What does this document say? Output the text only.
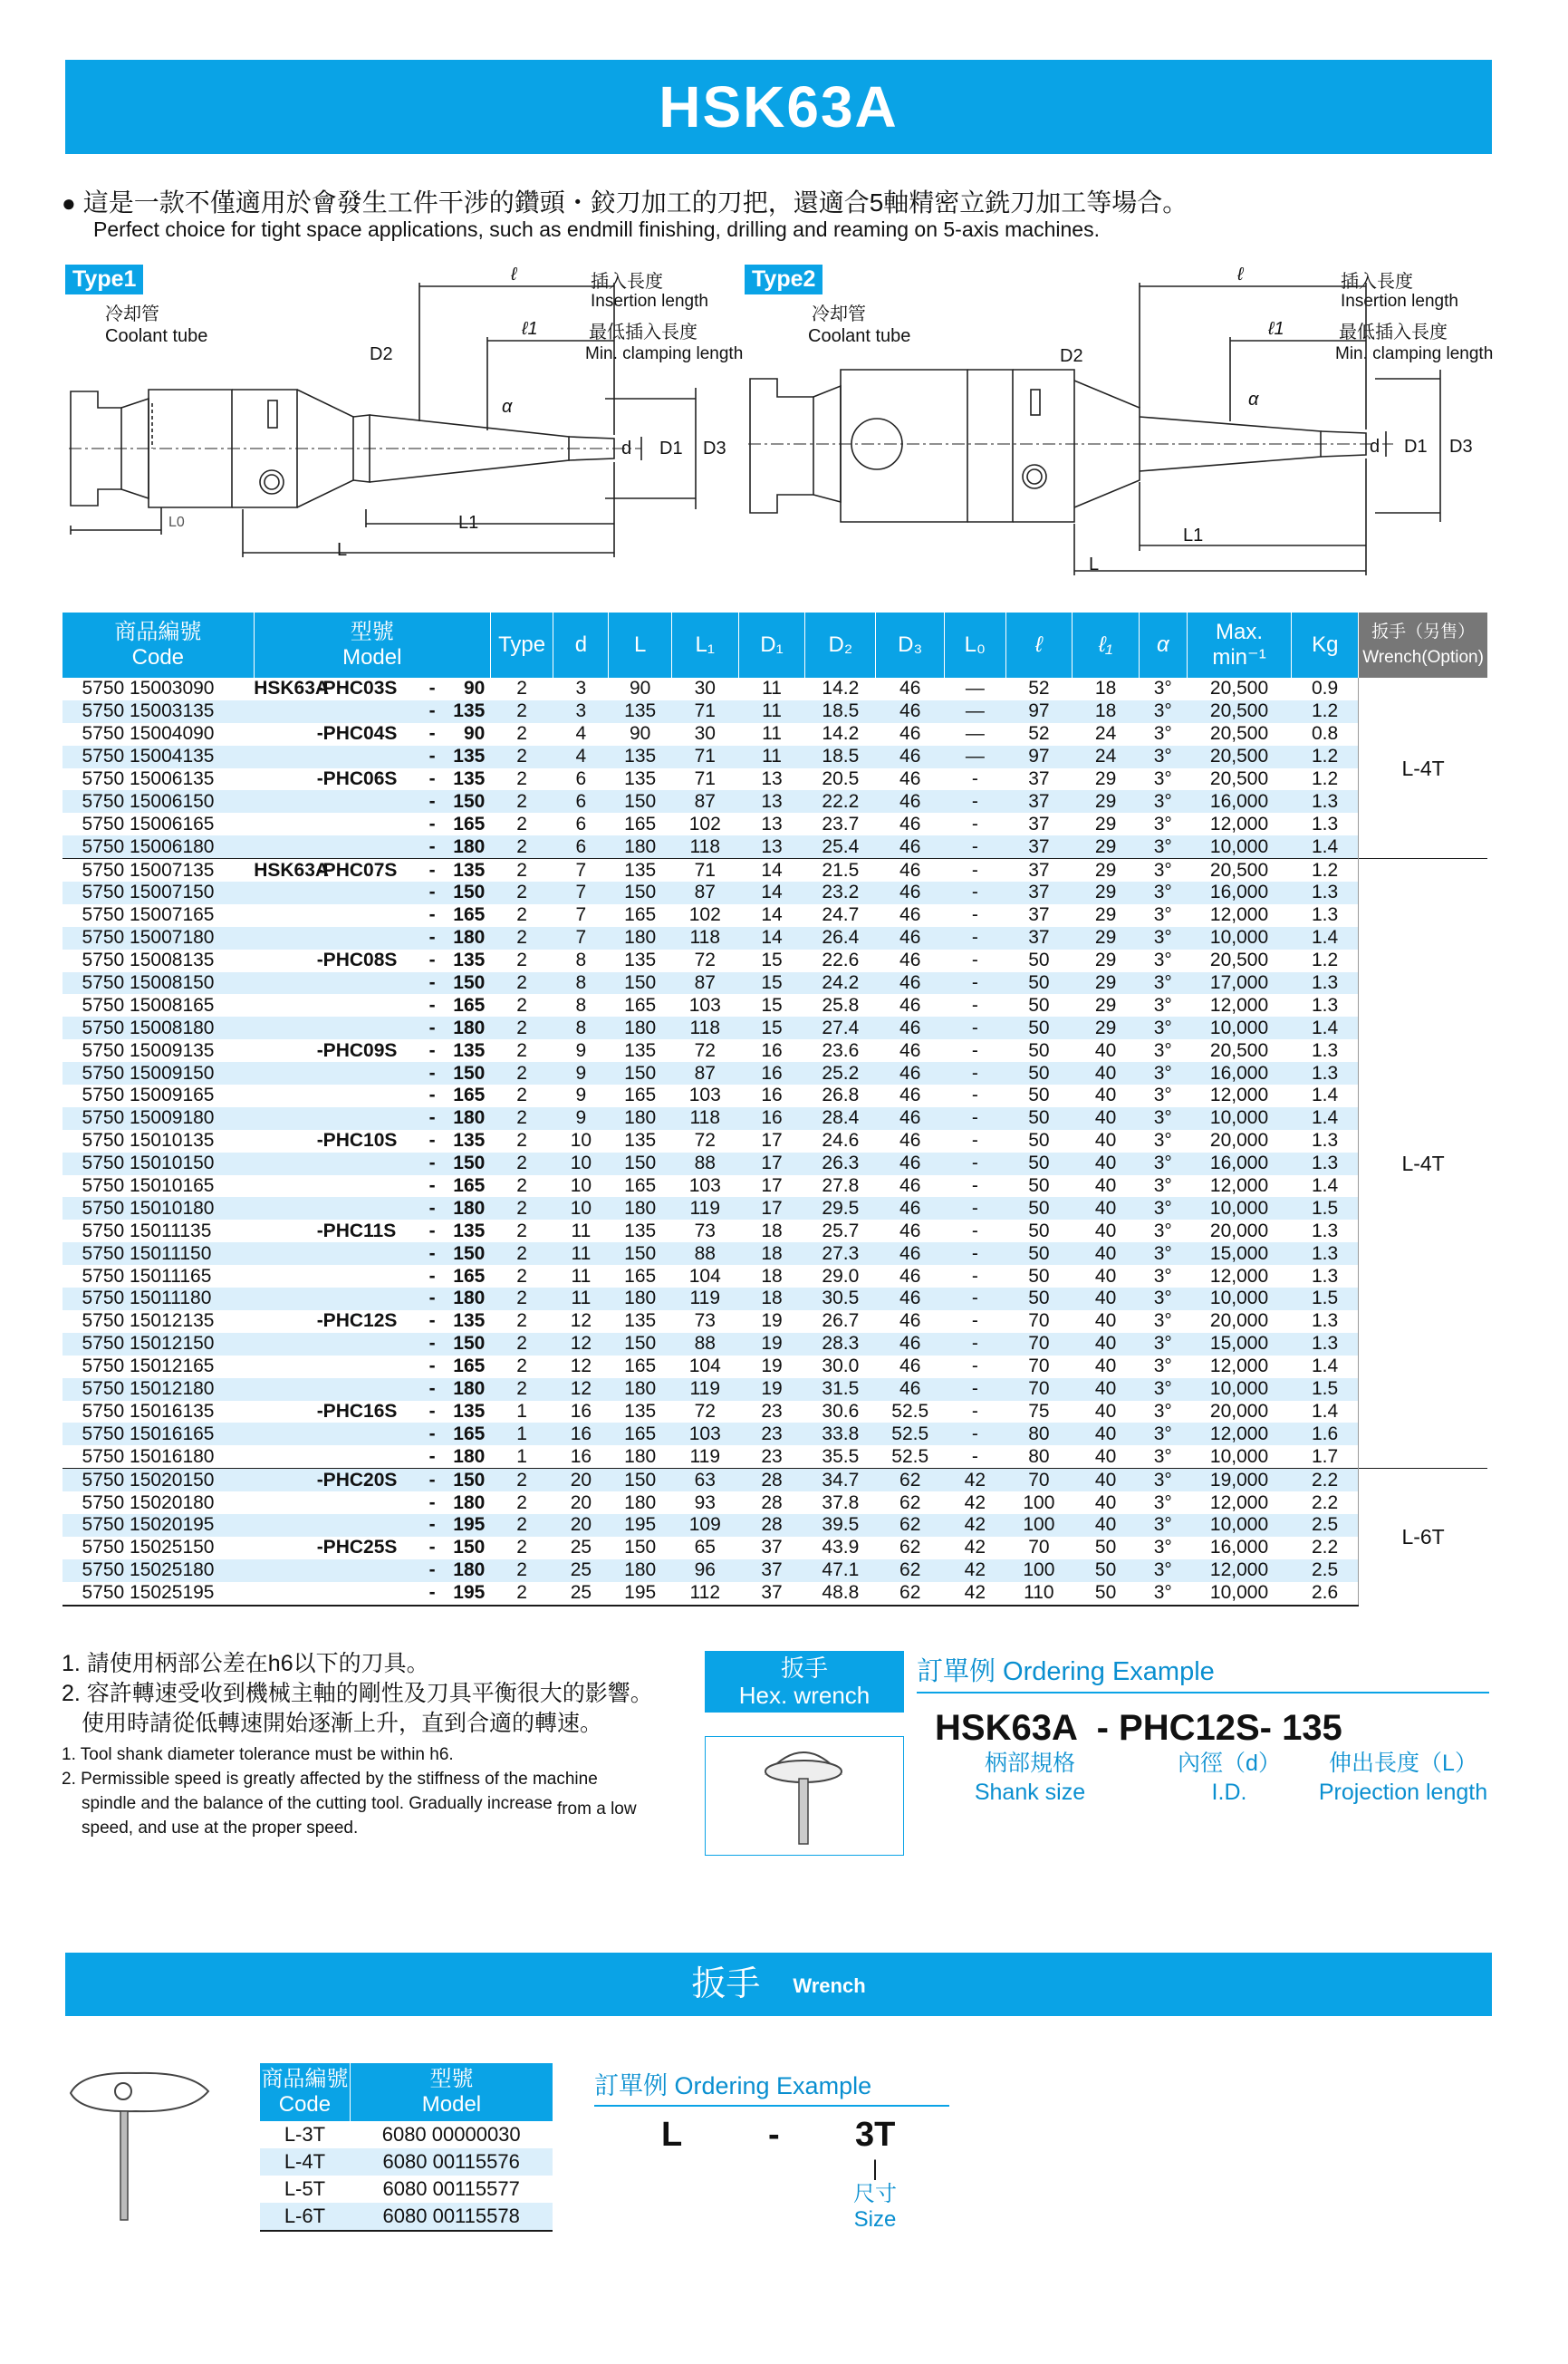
HSK63A
● 這是一款不僅適用於會發生工件干涉的鑽頭・鉸刀加工的刀把，還適合5軸精密立銑刀加工等場合。
Perfect choice for tight space applications, such as endmill finishing, drilling and reaming on 5-axis machines.
Type1
冷却管
Coolant tube
插入長度
Insertion length
最低插入長度
Min. clamping length
ℓ
ℓ1
D2
α
d D1 D3
L0	L1
L
Type2
冷却管
Coolant tube
插入長度
Insertion length
最低插入長度
Min. clamping length
ℓ
ℓ1
D2
α
d D1 D3
L1
L
商品編號
Code	型號
Model				Type	d	L	L₁	D₁	D₂	D₃	L₀	ℓ	ℓ₁	α	Max.
min⁻¹	Kg	扳手（另售）
Wrench(Option)
5750 15003090	HSK63A	-PHC03S	-	90	2	3	90	30	11	14.2	46	—	52	18	3°	20,500	0.9	L-4T
5750 15003135			-	135	2	3	135	71	11	18.5	46	—	97	18	3°	20,500	1.2	
5750 15004090		-PHC04S	-	90	2	4	90	30	11	14.2	46	—	52	24	3°	20,500	0.8	
5750 15004135			-	135	2	4	135	71	11	18.5	46	—	97	24	3°	20,500	1.2	
5750 15006135		-PHC06S	-	135	2	6	135	71	13	20.5	46	-	37	29	3°	20,500	1.2	
5750 15006150			-	150	2	6	150	87	13	22.2	46	-	37	29	3°	16,000	1.3	
5750 15006165			-	165	2	6	165	102	13	23.7	46	-	37	29	3°	12,000	1.3	
5750 15006180			-	180	2	6	180	118	13	25.4	46	-	37	29	3°	10,000	1.4	
5750 15007135	HSK63A	-PHC07S	-	135	2	7	135	71	14	21.5	46	-	37	29	3°	20,500	1.2	L-4T
5750 15007150			-	150	2	7	150	87	14	23.2	46	-	37	29	3°	16,000	1.3	
5750 15007165			-	165	2	7	165	102	14	24.7	46	-	37	29	3°	12,000	1.3	
5750 15007180			-	180	2	7	180	118	14	26.4	46	-	37	29	3°	10,000	1.4	
5750 15008135		-PHC08S	-	135	2	8	135	72	15	22.6	46	-	50	29	3°	20,500	1.2	
5750 15008150			-	150	2	8	150	87	15	24.2	46	-	50	29	3°	17,000	1.3	
5750 15008165			-	165	2	8	165	103	15	25.8	46	-	50	29	3°	12,000	1.3	
5750 15008180			-	180	2	8	180	118	15	27.4	46	-	50	29	3°	10,000	1.4	
5750 15009135		-PHC09S	-	135	2	9	135	72	16	23.6	46	-	50	40	3°	20,500	1.3	
5750 15009150			-	150	2	9	150	87	16	25.2	46	-	50	40	3°	16,000	1.3	
5750 15009165			-	165	2	9	165	103	16	26.8	46	-	50	40	3°	12,000	1.4	
5750 15009180			-	180	2	9	180	118	16	28.4	46	-	50	40	3°	10,000	1.4	
5750 15010135		-PHC10S	-	135	2	10	135	72	17	24.6	46	-	50	40	3°	20,000	1.3	
5750 15010150			-	150	2	10	150	88	17	26.3	46	-	50	40	3°	16,000	1.3	
5750 15010165			-	165	2	10	165	103	17	27.8	46	-	50	40	3°	12,000	1.4	
5750 15010180			-	180	2	10	180	119	17	29.5	46	-	50	40	3°	10,000	1.5	
5750 15011135		-PHC11S	-	135	2	11	135	73	18	25.7	46	-	50	40	3°	20,000	1.3	
5750 15011150			-	150	2	11	150	88	18	27.3	46	-	50	40	3°	15,000	1.3	
5750 15011165			-	165	2	11	165	104	18	29.0	46	-	50	40	3°	12,000	1.3	
5750 15011180			-	180	2	11	180	119	18	30.5	46	-	50	40	3°	10,000	1.5	
5750 15012135		-PHC12S	-	135	2	12	135	73	19	26.7	46	-	70	40	3°	20,000	1.3	
5750 15012150			-	150	2	12	150	88	19	28.3	46	-	70	40	3°	15,000	1.3	
5750 15012165			-	165	2	12	165	104	19	30.0	46	-	70	40	3°	12,000	1.4	
5750 15012180			-	180	2	12	180	119	19	31.5	46	-	70	40	3°	10,000	1.5	
5750 15016135		-PHC16S	-	135	1	16	135	72	23	30.6	52.5	-	75	40	3°	20,000	1.4	
5750 15016165			-	165	1	16	165	103	23	33.8	52.5	-	80	40	3°	12,000	1.6	
5750 15016180			-	180	1	16	180	119	23	35.5	52.5	-	80	40	3°	10,000	1.7	
5750 15020150		-PHC20S	-	150	2	20	150	63	28	34.7	62	42	70	40	3°	19,000	2.2	L-6T
5750 15020180			-	180	2	20	180	93	28	37.8	62	42	100	40	3°	12,000	2.2	
5750 15020195			-	195	2	20	195	109	28	39.5	62	42	100	40	3°	10,000	2.5	
5750 15025150		-PHC25S	-	150	2	25	150	65	37	43.9	62	42	70	50	3°	16,000	2.2	
5750 15025180			-	180	2	25	180	96	37	47.1	62	42	100	50	3°	12,000	2.5	
5750 15025195			-	195	2	25	195	112	37	48.8	62	42	110	50	3°	10,000	2.6	
1. 請使用柄部公差在h6以下的刀具。
2. 容許轉速受收到機械主軸的剛性及刀具平衡很大的影響。
使用時請從低轉速開始逐漸上升，直到合適的轉速。
1. Tool shank diameter tolerance must be within h6.
2. Permissible speed is greatly affected by the stiffness of the machine
spindle and the balance of the cutting tool. Gradually increase from a low
speed, and use at the proper speed.
扳手
Hex. wrench
訂單例 Ordering Example
HSK63A  - PHC12S- 135
柄部規格
Shank size
內徑（d）
I.D.
伸出長度（L）
Projection length
扳手 Wrench
商品編號
Code	型號
Model
L-3T	6080 00000030
L-4T	6080 00115576
L-5T	6080 00115577
L-6T	6080 00115578
訂單例 Ordering Example
L - 3T
|
尺寸
Size
